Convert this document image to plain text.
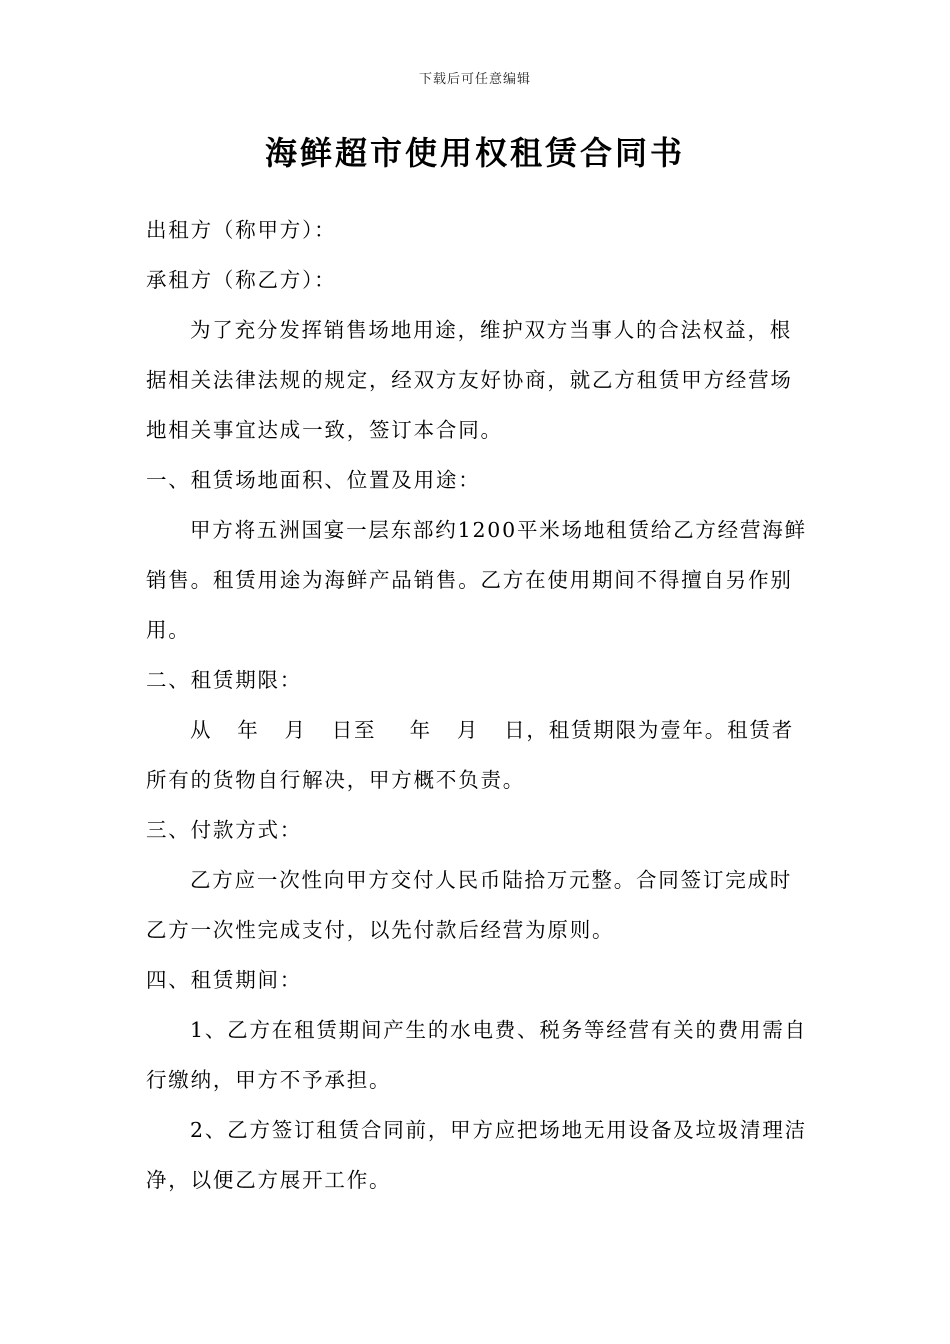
下载后可任意编辑
海鲜超市使用权租赁合同书

出租方（称甲方）：

承租方（称乙方）：

为了充分发挥销售场地用途，维护双方当事人的合法权益，根

据相关法律法规的规定，经双方友好协商，就乙方租赁甲方经营场

地相关事宜达成一致，签订本合同。

一、租赁场地面积、位置及用途：

甲方将五洲国宴一层东部约1200平米场地租赁给乙方经营海鲜

销售。租赁用途为海鲜产品销售。乙方在使用期间不得擅自另作别

用。

二、租赁期限：

从   年   月   日至    年   月   日，租赁期限为壹年。租赁者

所有的货物自行解决，甲方概不负责。

三、付款方式：

乙方应一次性向甲方交付人民币陆拾万元整。合同签订完成时

乙方一次性完成支付，以先付款后经营为原则。

四、租赁期间：

1、乙方在租赁期间产生的水电费、税务等经营有关的费用需自

行缴纳，甲方不予承担。

2、乙方签订租赁合同前，甲方应把场地无用设备及垃圾清理洁

净，以便乙方展开工作。
